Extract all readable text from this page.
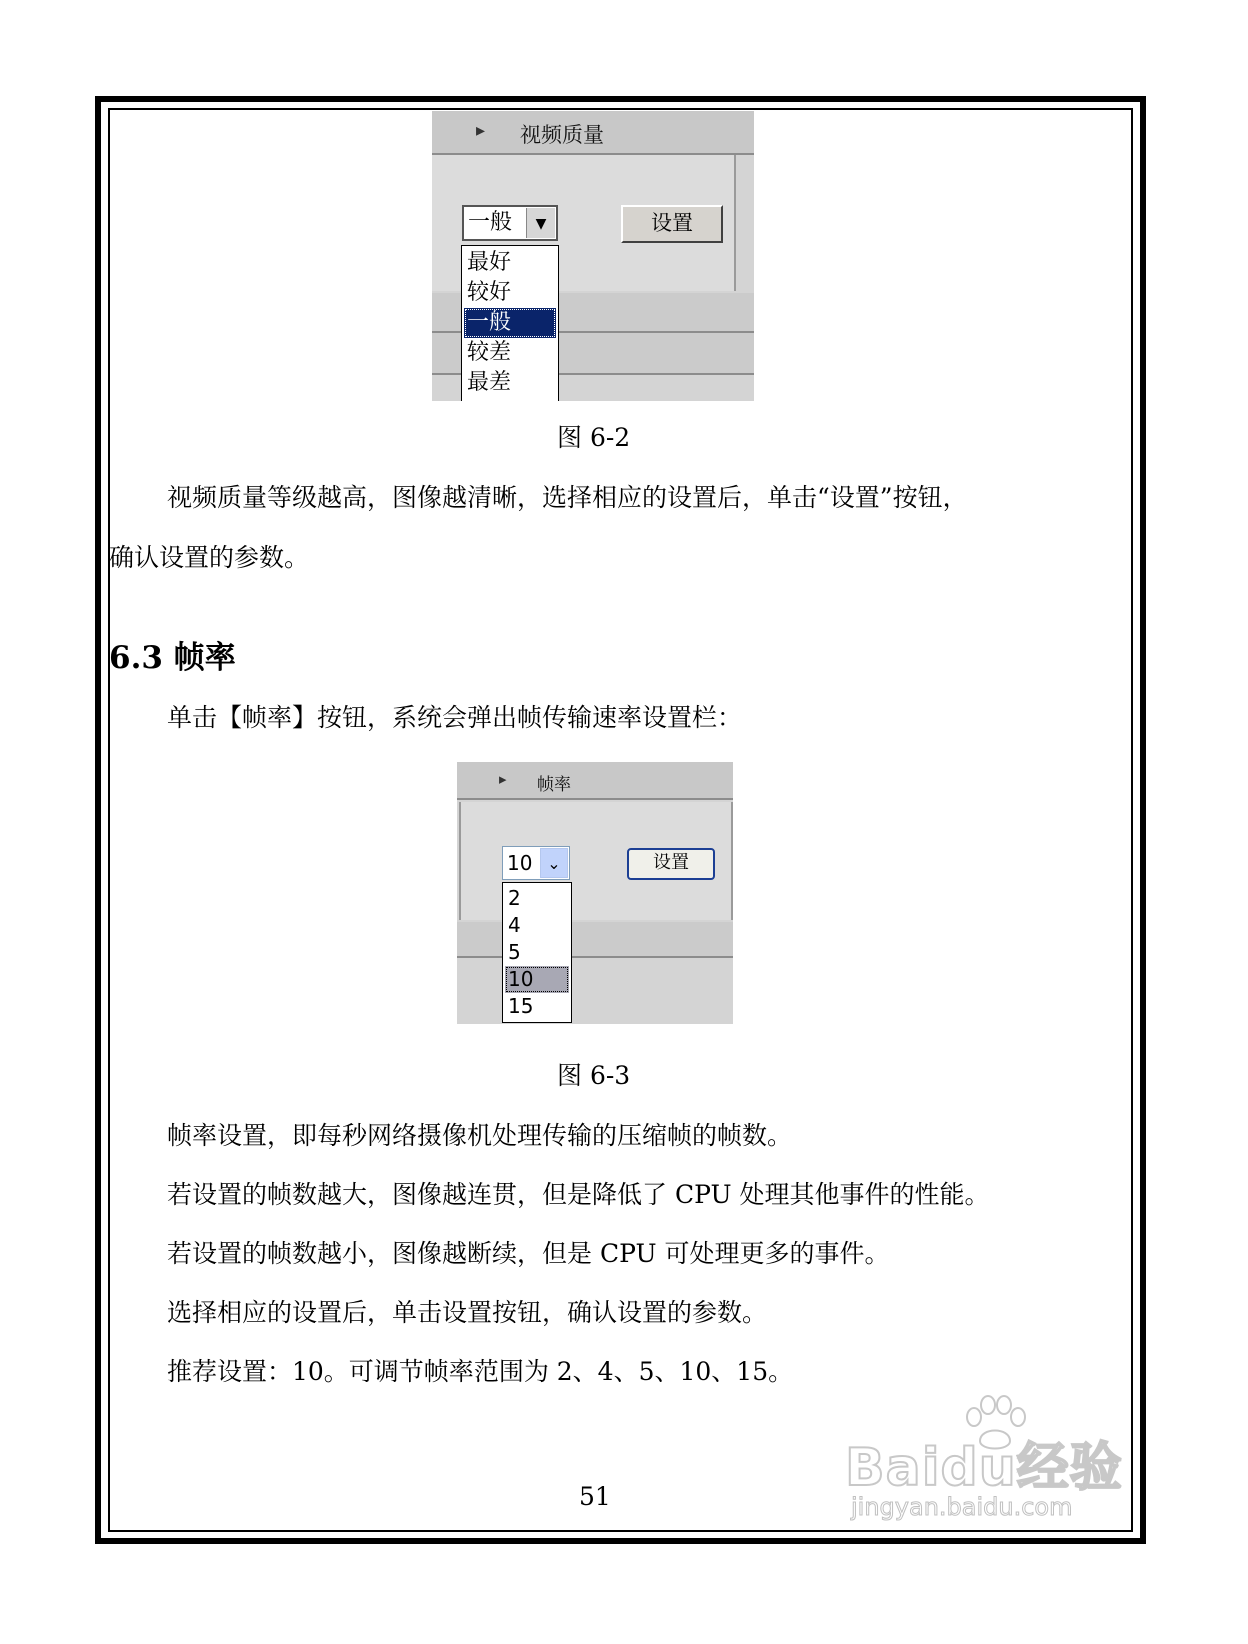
▸ 视频质量
一般	▼	设置
最好
较好
一般
较差
最差
图 6-2
视频质量等级越高，图像越清晰，选择相应的设置后，单击“设置”按钮，
确认设置的参数。
6.3 帧率
单击【帧率】按钮，系统会弹出帧传输速率设置栏：
▸ 帧率
10 ⌄	设置
2
4
5
10
15
图 6-3
帧率设置，即每秒网络摄像机处理传输的压缩帧的帧数。
若设置的帧数越大，图像越连贯，但是降低了 CPU 处理其他事件的性能。
若设置的帧数越小，图像越断续，但是 CPU 可处理更多的事件。
选择相应的设置后，单击设置按钮，确认设置的参数。
推荐设置：10。可调节帧率范围为 2、4、5、10、15。
51	Baidu经验
jingyan.baidu.com
